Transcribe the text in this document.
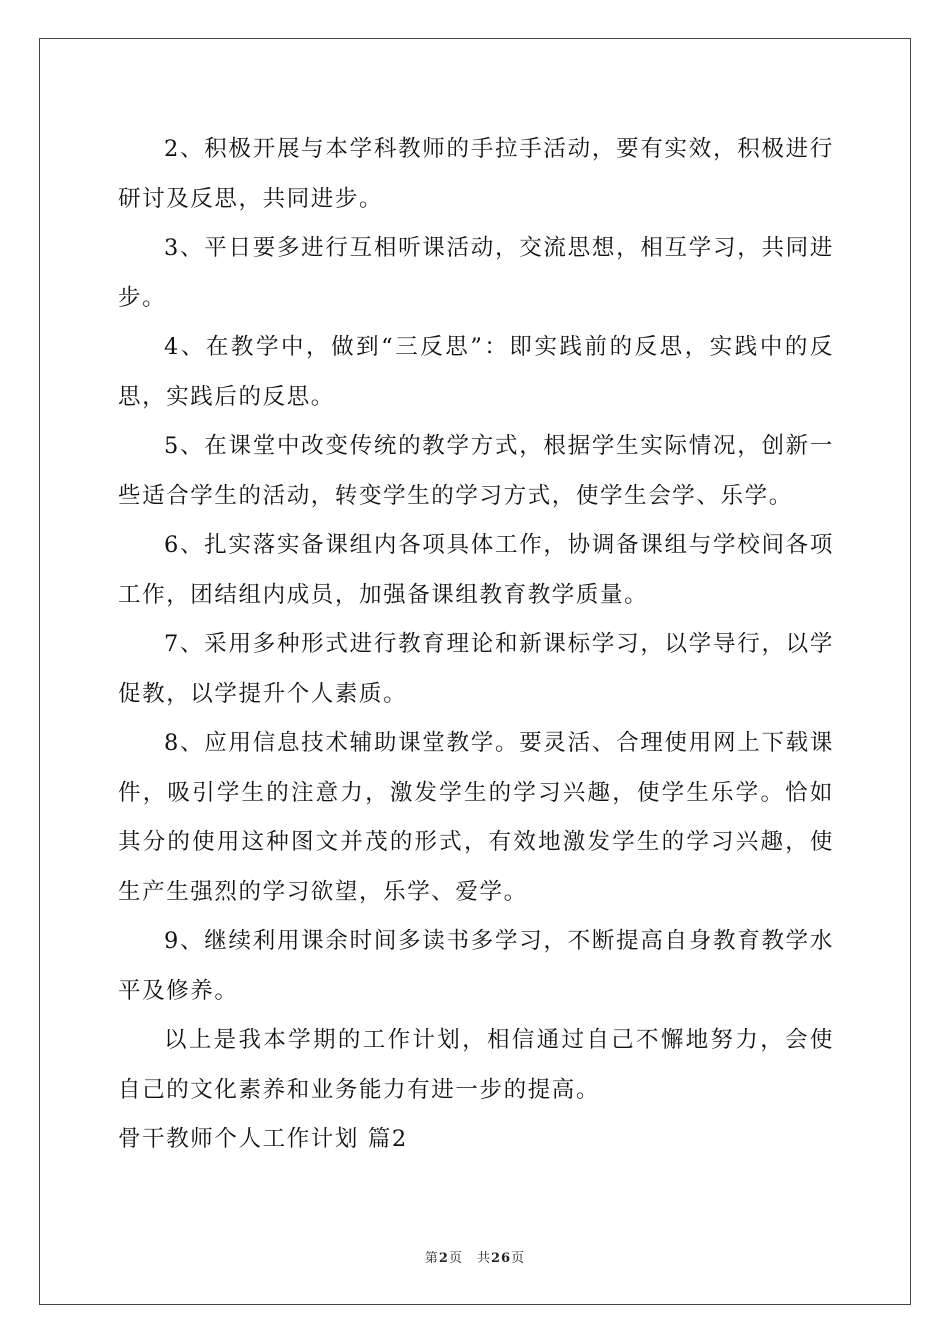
2、积极开展与本学科教师的手拉手活动，要有实效，积极进行研讨及反思，共同进步。

3、平日要多进行互相听课活动，交流思想，相互学习，共同进步。

4、在教学中，做到“三反思”：即实践前的反思，实践中的反思，实践后的反思。

5、在课堂中改变传统的教学方式，根据学生实际情况，创新一些适合学生的活动，转变学生的学习方式，使学生会学、乐学。

6、扎实落实备课组内各项具体工作，协调备课组与学校间各项工作，团结组内成员，加强备课组教育教学质量。

7、采用多种形式进行教育理论和新课标学习，以学导行，以学促教，以学提升个人素质。

8、应用信息技术辅助课堂教学。要灵活、合理使用网上下载课件，吸引学生的注意力，激发学生的学习兴趣，使学生乐学。恰如其分的使用这种图文并茂的形式，有效地激发学生的学习兴趣，使生产生强烈的学习欲望，乐学、爱学。

9、继续利用课余时间多读书多学习，不断提高自身教育教学水平及修养。

以上是我本学期的工作计划，相信通过自己不懈地努力，会使自己的文化素养和业务能力有进一步的提高。

骨干教师个人工作计划 篇2

第2页 共26页
